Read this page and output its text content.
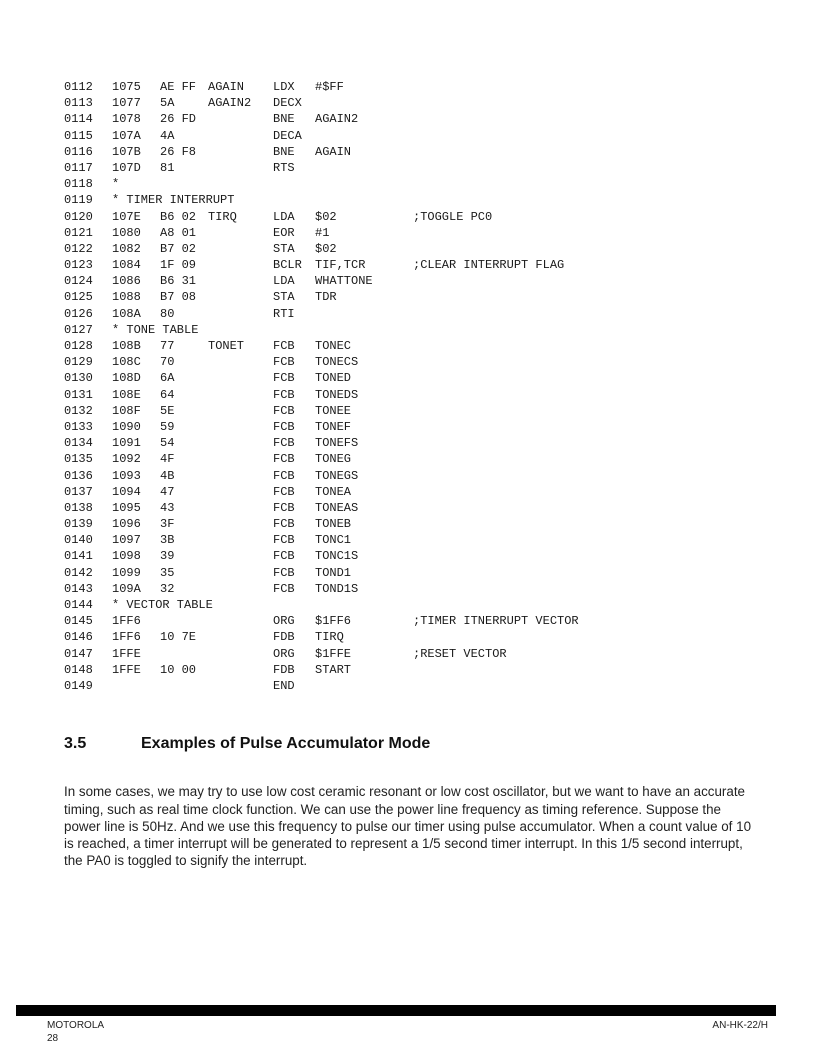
0112 1075 AE FF AGAIN LDX #$FF
0113 1077 5A	AGAIN2 DECX
0114 1078 26 FD	BNE AGAIN2
0115 107A 4A	DECA
0116 107B 26 F8	BNE AGAIN
0117 107D 81	RTS
0118 *
0119 * TIMER INTERRUPT
0120 107E B6 02 TIRQ	LDA $02	;TOGGLE PC0
0121 1080 A8 01	EOR #1
0122 1082 B7 02	STA $02
0123 1084 1F 09	BCLR TIF,TCR	;CLEAR INTERRUPT FLAG
0124 1086 B6 31	LDA WHATTONE
0125 1088 B7 08	STA TDR
0126 108A 80	RTI
0127 * TONE TABLE
0128 108B 77	TONET FCB TONEC
0129 108C 70	FCB TONECS
0130 108D 6A	FCB TONED
0131 108E 64	FCB TONEDS
0132 108F 5E	FCB TONEE
0133 1090 59	FCB TONEF
0134 1091 54	FCB TONEFS
0135 1092 4F	FCB TONEG
0136 1093 4B	FCB TONEGS
0137 1094 47	FCB TONEA
0138 1095 43	FCB TONEAS
0139 1096 3F	FCB TONEB
0140 1097 3B	FCB TONC1
0141 1098 39	FCB TONC1S
0142 1099 35	FCB TOND1
0143 109A 32	FCB TOND1S
0144 * VECTOR TABLE
0145 1FF6	ORG $1FF6	;TIMER ITNERRUPT VECTOR
0146 1FF6 10 7E	FDB TIRQ
0147 1FFE	ORG $1FFE	;RESET VECTOR
0148 1FFE 10 00	FDB START
0149	END
3.5	Examples of Pulse Accumulator Mode

In some cases, we may try to use low cost ceramic resonant or low cost oscillator, but we want to have an accurate timing, such as real time clock function. We can use the power line frequency as timing reference. Suppose the power line is 50Hz. And we use this frequency to pulse our timer using pulse accumulator. When a count value of 10 is reached, a timer interrupt will be generated to represent a 1/5 second timer interrupt. In this 1/5 second interrupt, the PA0 is toggled to signify the interrupt.

MOTOROLA
28
AN-HK-22/H
